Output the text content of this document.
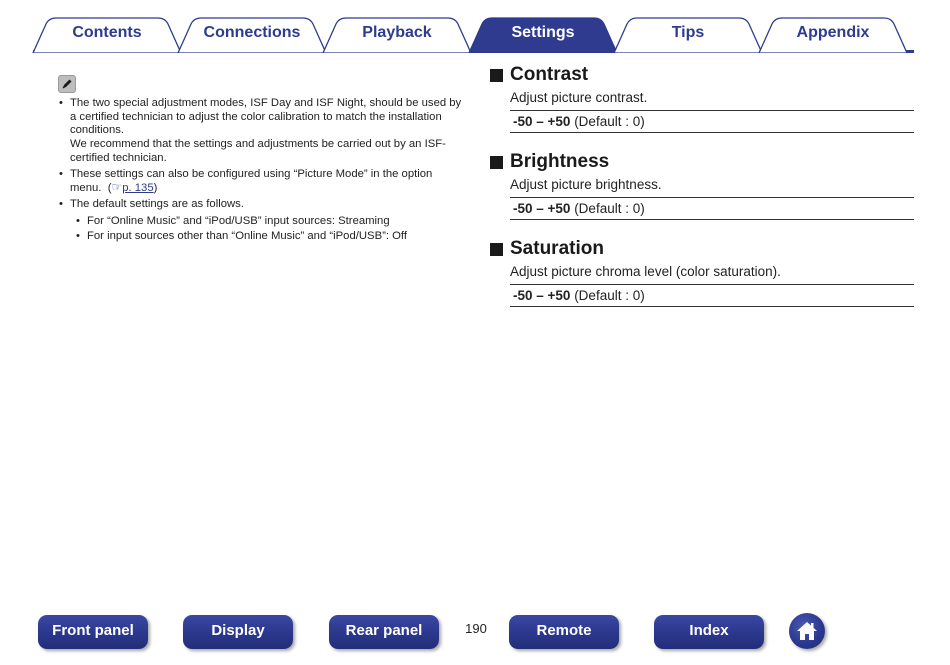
Contents	Connections	Playback	Settings	Tips	Appendix
• The two special adjustment modes, ISF Day and ISF Night, should be used by
a certified technician to adjust the color calibration to match the installation
conditions.
We recommend that the settings and adjustments be carried out by an ISF-
certified technician.
• These settings can also be configured using “Picture Mode” in the option
menu. (☞p. 135)
• The default settings are as follows.
• For “Online Music” and “iPod/USB” input sources: Streaming
• For input sources other than “Online Music” and “iPod/USB”: Off
Contrast
Adjust picture contrast.
-50 – +50 (Default : 0)
Brightness
Adjust picture brightness.
-50 – +50 (Default : 0)
Saturation
Adjust picture chroma level (color saturation).
-50 – +50 (Default : 0)
Front panel	Display	Rear panel	190	Remote	Index
